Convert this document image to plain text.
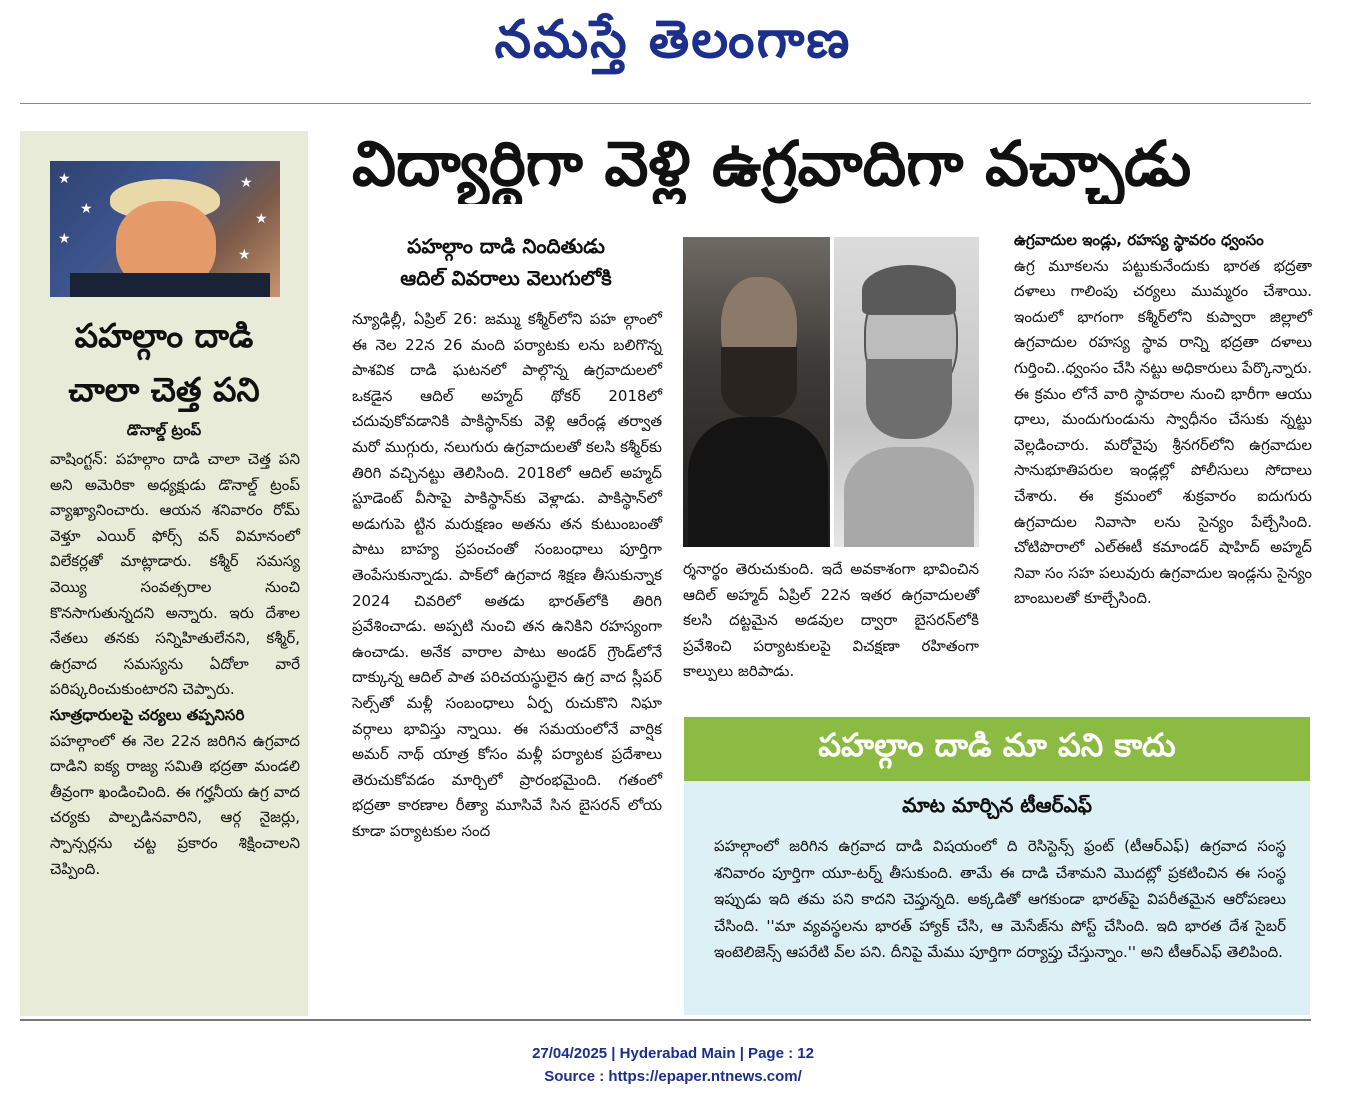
నమస్తే తెలంగాణ
★
★
★
★
★
★
పహల్గాం దాడి
చాలా చెత్త పని
డొనాల్డ్‌ ట్రంప్‌

వాషింగ్టన్‌: పహల్గాం దాడి చాలా చెత్త పని అని అమెరికా అధ్యక్షుడు డొనాల్డ్‌ ట్రంప్‌ వ్యాఖ్యానించారు. ఆయన శనివారం రోమ్‌ వెళ్తూ ఎయిర్‌ ఫోర్స్‌ వన్‌ విమానంలో విలేకర్లతో మాట్లాడారు. కశ్మీర్‌ సమస్య వెయ్యి సంవత్సరాల నుంచి కొనసాగుతున్నదని అన్నారు. ఇరు దేశాల నేతలు తనకు సన్నిహితులేనని, కశ్మీర్‌, ఉగ్రవాద సమస్యను ఏదోలా వారే పరిష్కరించుకుంటారని చెప్పారు.

సూత్రధారులపై చర్యలు తప్పనిసరి

పహల్గాంలో ఈ నెల 22న జరిగిన ఉగ్రవాద దాడిని ఐక్య రాజ్య సమితి భద్రతా మండలి తీవ్రంగా ఖండించింది. ఈ గర్హనీయ ఉగ్ర వాద చర్యకు పాల్పడినవారిని, ఆర్గ నైజర్లు, స్పాన్సర్లను చట్ట ప్రకారం శిక్షించాలని చెప్పింది.

విద్యార్థిగా వెళ్లి ఉగ్రవాదిగా వచ్చాడు
పహల్గాం దాడి నిందితుడు
ఆదిల్‌ వివరాలు వెలుగులోకి

న్యూఢిల్లీ, ఏప్రిల్‌ 26: జమ్ము కశ్మీర్‌లోని పహ ల్గాంలో ఈ నెల 22న 26 మంది పర్యాటకు లను బలిగొన్న పాశవిక దాడి ఘటనలో పాల్గొన్న ఉగ్రవాదులలో ఒకడైన ఆదిల్‌ అహ్మద్‌ థోకర్‌ 2018లో చదువుకోవడానికి పాకిస్థాన్‌కు వెళ్లి ఆరేండ్ల తర్వాత మరో ముగ్గురు, నలుగురు ఉగ్రవాదులతో కలసి కశ్మీర్‌కు తిరిగి వచ్చినట్టు తెలిసింది. 2018లో ఆదిల్‌ అహ్మద్‌ స్టూడెంట్‌ వీసాపై పాకిస్థాన్‌కు వెళ్లాడు. పాకిస్థాన్‌లో అడుగుపె ట్టిన మరుక్షణం అతను తన కుటుంబంతో పాటు బాహ్య ప్రపంచంతో సంబంధాలు పూర్తిగా తెంపేసుకున్నాడు. పాక్‌లో ఉగ్రవాద శిక్షణ తీసుకున్నాక 2024 చివరిలో అతడు భారత్‌లోకి తిరిగి ప్రవేశించాడు. అప్పటి నుంచి తన ఉనికిని రహస్యంగా ఉంచాడు. అనేక వారాల పాటు అండర్‌ గ్రౌండ్‌లోనే దాక్కున్న ఆదిల్‌ పాత పరిచయస్థులైన ఉగ్ర వాద స్లీపర్‌ సెల్స్‌తో మళ్లీ సంబంధాలు ఏర్ప రుచుకొని నిఘా వర్గాలు భావిస్తు న్నాయి. ఈ సమయంలోనే వార్షిక అమర్‌ నాథ్‌ యాత్ర కోసం మళ్లీ పర్యాటక ప్రదేశాలు తెరుచుకోవడం మార్చిలో ప్రారంభమైంది. గతంలో భద్రతా కారణాల రీత్యా మూసివే సిన బైసరన్‌ లోయ కూడా పర్యాటకుల సంద

ర్శనార్థం తెరుచుకుంది. ఇదే అవకాశంగా భావించిన ఆదిల్‌ అహ్మద్‌ ఏప్రిల్‌ 22న ఇతర ఉగ్రవాదులతో కలసి దట్టమైన అడవుల ద్వారా బైసరన్‌లోకి ప్రవేశించి పర్యాటకులపై విచక్షణా రహితంగా కాల్పులు జరిపాడు.

ఉగ్రవాదుల ఇండ్లు, రహస్య స్థావరం ధ్వంసం

ఉగ్ర మూకలను పట్టుకునేందుకు భారత భద్రతా దళాలు గాలింపు చర్యలు ముమ్మరం చేశాయి. ఇందులో భాగంగా కశ్మీర్‌లోని కుప్వారా జిల్లాలో ఉగ్రవాదుల రహస్య స్థావ రాన్ని భద్రతా దళాలు గుర్తించి..ధ్వంసం చేసి నట్టు అధికారులు పేర్కొన్నారు. ఈ క్రమం లోనే వారి స్థావరాల నుంచి భారీగా ఆయు ధాలు, మందుగుండును స్వాధీనం చేసుకు న్నట్టు వెల్లడించారు. మరోవైపు శ్రీనగర్‌లోని ఉగ్రవాదుల సానుభూతిపరుల ఇండ్లల్లో పోలీసులు సోదాలు చేశారు. ఈ క్రమంలో శుక్రవారం ఐదుగురు ఉగ్రవాదుల నివాసా లను సైన్యం పేల్చేసింది. చోటిపొరాలో ఎల్‌ఈటీ కమాండర్‌ షాహిద్‌ అహ్మద్‌ నివా సం సహ పలువురు ఉగ్రవాదుల ఇండ్లను సైన్యం బాంబులతో కూల్చేసింది.

పహల్గాం దాడి మా పని కాదు
మాట మార్చిన టీఆర్‌ఎఫ్‌
పహల్గాంలో జరిగిన ఉగ్రవాద దాడి విషయంలో ది రెసిస్టెన్స్‌ ఫ్రంట్‌ (టీఆర్‌ఎఫ్‌) ఉగ్రవాద సంస్థ శనివారం పూర్తిగా యూ-టర్న్‌ తీసుకుంది. తామే ఈ దాడి చేశామని మొదట్లో ప్రకటించిన ఈ సంస్థ ఇప్పుడు ఇది తమ పని కాదని చెప్తున్నది. అక్కడితో ఆగకుండా భారత్‌పై విపరీతమైన ఆరోపణలు చేసింది. ''మా వ్యవస్థలను భారత్‌ హ్యాక్‌ చేసి, ఆ మెసేజ్‌ను పోస్ట్‌ చేసింది. ఇది భారత దేశ సైబర్‌ ఇంటెలిజెన్స్‌ ఆపరేటి వ్‌ల పని. దీనిపై మేము పూర్తిగా దర్యాప్తు చేస్తున్నాం.'' అని టీఆర్‌ఎఫ్‌ తెలిపింది.
27/04/2025 | Hyderabad Main | Page : 12
Source : https://epaper.ntnews.com/
